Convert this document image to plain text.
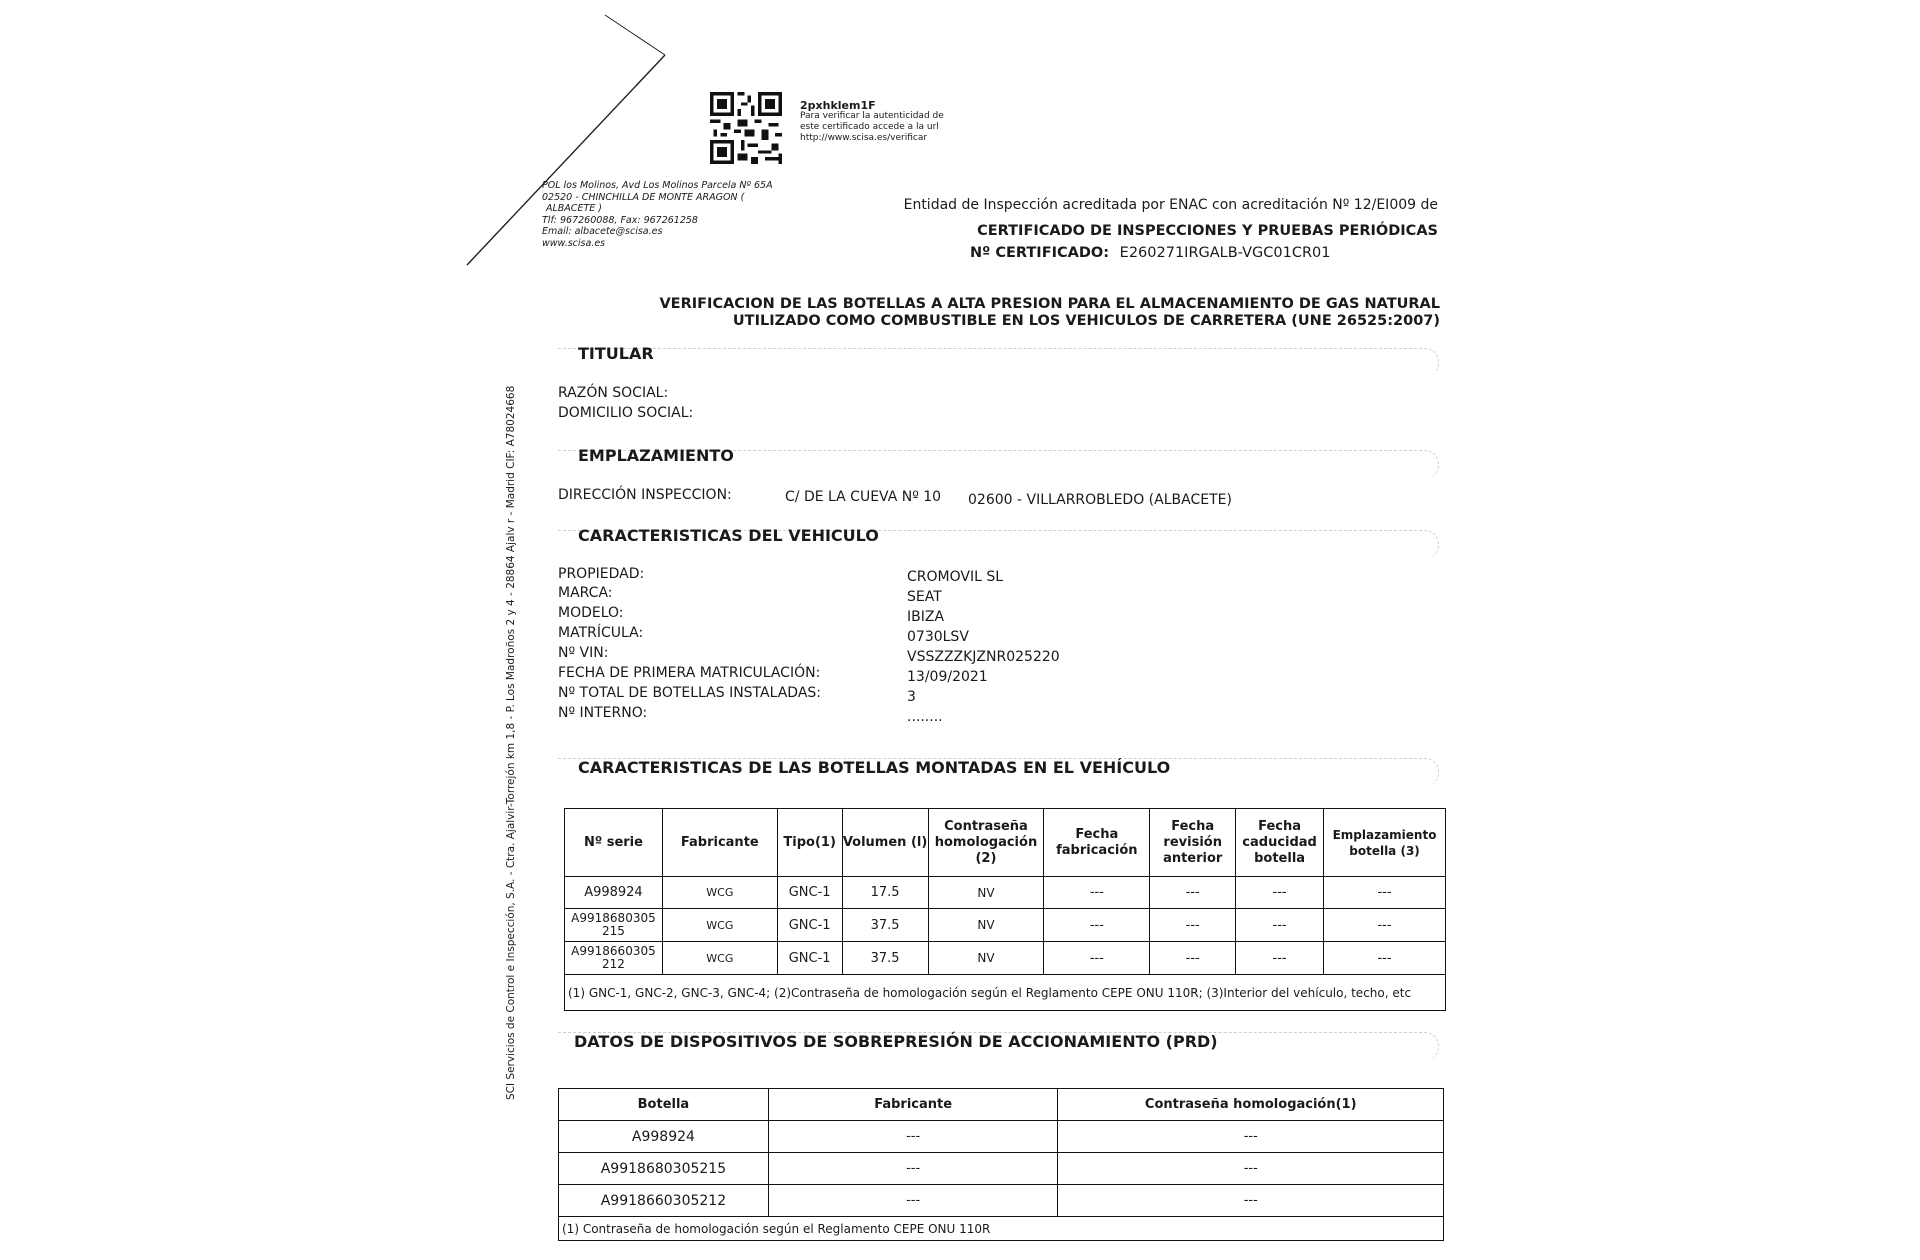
2pxhklem1F
Para verificar la autenticidad de
este certificado accede a la url
http://www.scisa.es/verificar
POL los Molinos, Avd Los Molinos Parcela Nº 65A
02520 - CHINCHILLA DE MONTE ARAGON (
ALBACETE )
Tlf: 967260088, Fax: 967261258
Email: albacete@scisa.es
www.scisa.es
Entidad de Inspección acreditada por ENAC con acreditación Nº 12/EI009 de
CERTIFICADO DE INSPECCIONES Y PRUEBAS PERIÓDICAS
Nº CERTIFICADO: E260271IRGALB-VGC01CR01
SCI Servicios de Control e Inspección, S.A. - Ctra. Ajalvir-Torrejón km 1,8 - P. Los Madroños 2 y 4 - 28864 Ajalv r - Madrid CIF: A78024668
VERIFICACION DE LAS BOTELLAS A ALTA PRESION PARA EL ALMACENAMIENTO DE GAS NATURAL
UTILIZADO COMO COMBUSTIBLE EN LOS VEHICULOS DE CARRETERA (UNE 26525:2007)
TITULAR
RAZÓN SOCIAL:
DOMICILIO SOCIAL:
EMPLAZAMIENTO
DIRECCIÓN INSPECCION:	C/ DE LA CUEVA Nº 10 02600 - VILLARROBLEDO (ALBACETE)
CARACTERISTICAS DEL VEHICULO
PROPIEDAD:	CROMOVIL SL
MARCA:	SEAT
MODELO:	IBIZA
MATRÍCULA:	0730LSV
Nº VIN:	VSSZZZKJZNR025220
FECHA DE PRIMERA MATRICULACIÓN:	13/09/2021
Nº TOTAL DE BOTELLAS INSTALADAS:	3
Nº INTERNO:	........
CARACTERISTICAS DE LAS BOTELLAS MONTADAS EN EL VEHÍCULO
Nº serie	Fabricante	Tipo(1)	Volumen (l)	Contraseña homologación (2)	Fecha fabricación	Fecha revisión anterior	Fecha caducidad botella	Emplazamiento botella (3)
A998924	WCG	GNC-1	17.5	NV	---	---	---	---
A9918680305 215	WCG	GNC-1	37.5	NV	---	---	---	---
A9918660305 212	WCG	GNC-1	37.5	NV	---	---	---	---
(1) GNC-1, GNC-2, GNC-3, GNC-4; (2)Contraseña de homologación según el Reglamento CEPE ONU 110R; (3)Interior del vehículo, techo, etc								
DATOS DE DISPOSITIVOS DE SOBREPRESIÓN DE ACCIONAMIENTO (PRD)
Botella	Fabricante	Contraseña homologación(1)
A998924	---	---
A9918680305215	---	---
A9918660305212	---	---
(1) Contraseña de homologación según el Reglamento CEPE ONU 110R		
